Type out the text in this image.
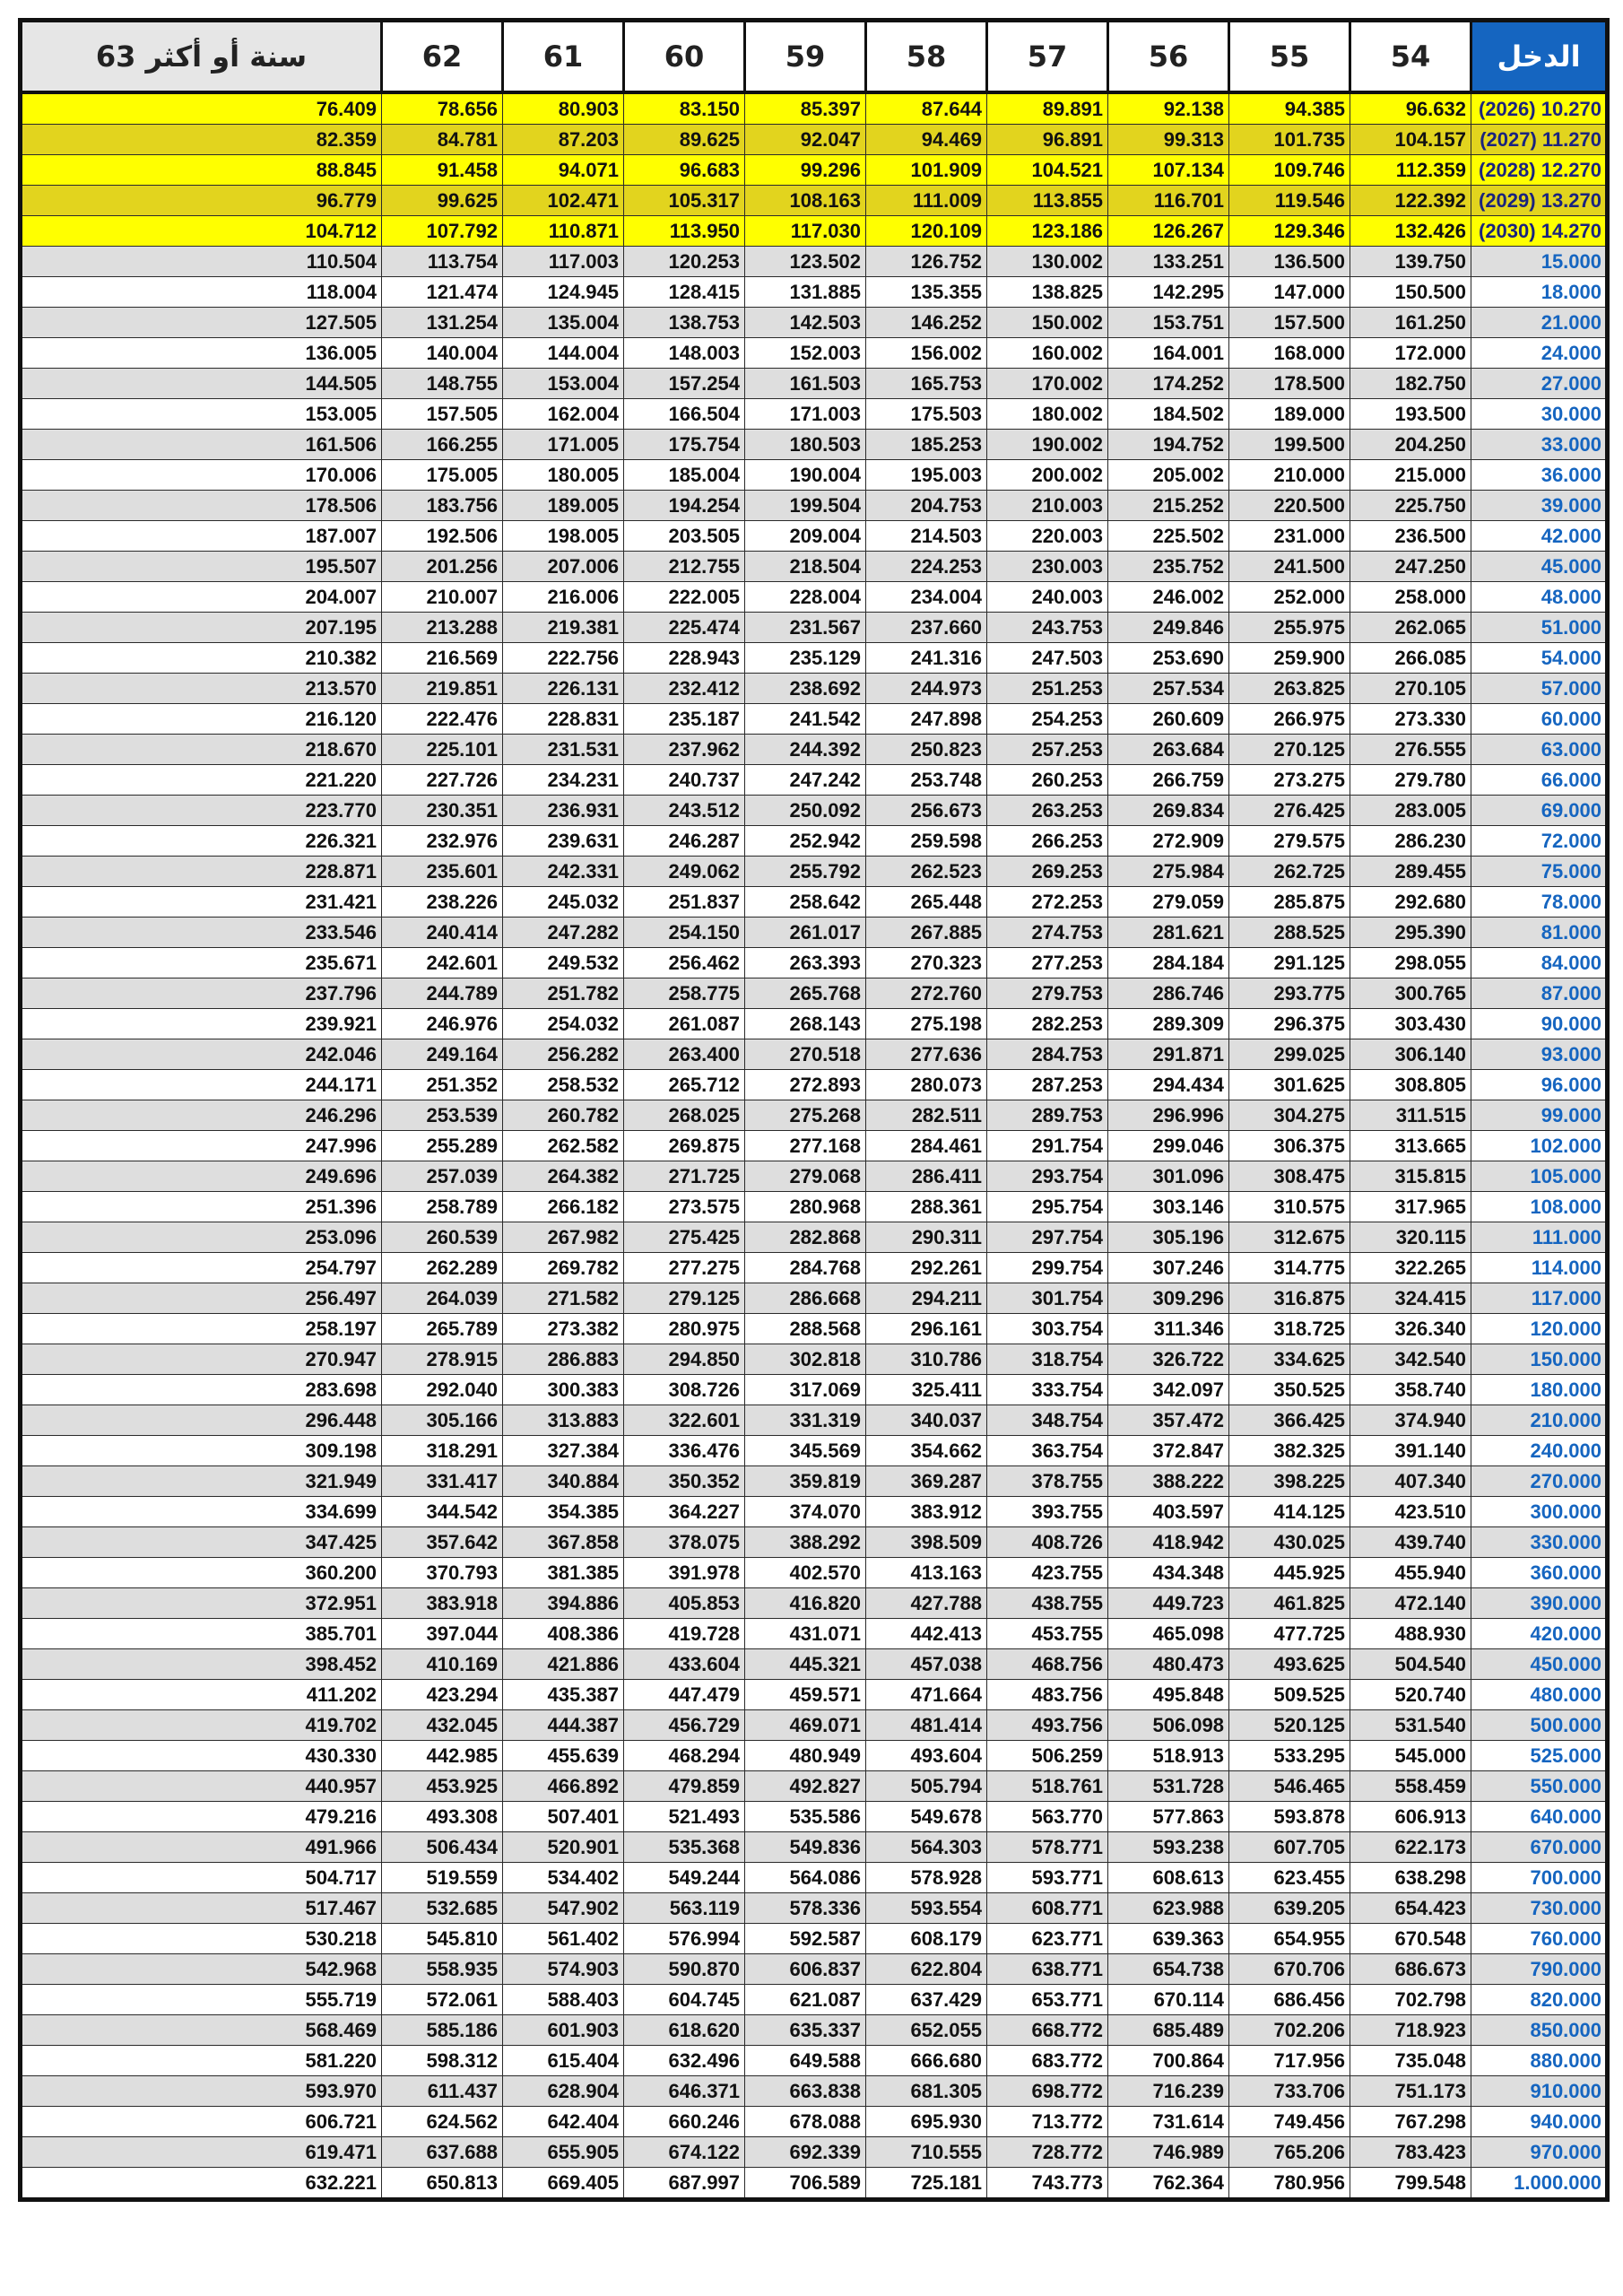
63 سنة أو أكثر	62	61	60	59	58	57	56	55	54	الدخل
76.409	78.656	80.903	83.150	85.397	87.644	89.891	92.138	94.385	96.632	(2026) 10.270
82.359	84.781	87.203	89.625	92.047	94.469	96.891	99.313	101.735	104.157	(2027) 11.270
88.845	91.458	94.071	96.683	99.296	101.909	104.521	107.134	109.746	112.359	(2028) 12.270
96.779	99.625	102.471	105.317	108.163	111.009	113.855	116.701	119.546	122.392	(2029) 13.270
104.712	107.792	110.871	113.950	117.030	120.109	123.186	126.267	129.346	132.426	(2030) 14.270
110.504	113.754	117.003	120.253	123.502	126.752	130.002	133.251	136.500	139.750	15.000
118.004	121.474	124.945	128.415	131.885	135.355	138.825	142.295	147.000	150.500	18.000
127.505	131.254	135.004	138.753	142.503	146.252	150.002	153.751	157.500	161.250	21.000
136.005	140.004	144.004	148.003	152.003	156.002	160.002	164.001	168.000	172.000	24.000
144.505	148.755	153.004	157.254	161.503	165.753	170.002	174.252	178.500	182.750	27.000
153.005	157.505	162.004	166.504	171.003	175.503	180.002	184.502	189.000	193.500	30.000
161.506	166.255	171.005	175.754	180.503	185.253	190.002	194.752	199.500	204.250	33.000
170.006	175.005	180.005	185.004	190.004	195.003	200.002	205.002	210.000	215.000	36.000
178.506	183.756	189.005	194.254	199.504	204.753	210.003	215.252	220.500	225.750	39.000
187.007	192.506	198.005	203.505	209.004	214.503	220.003	225.502	231.000	236.500	42.000
195.507	201.256	207.006	212.755	218.504	224.253	230.003	235.752	241.500	247.250	45.000
204.007	210.007	216.006	222.005	228.004	234.004	240.003	246.002	252.000	258.000	48.000
207.195	213.288	219.381	225.474	231.567	237.660	243.753	249.846	255.975	262.065	51.000
210.382	216.569	222.756	228.943	235.129	241.316	247.503	253.690	259.900	266.085	54.000
213.570	219.851	226.131	232.412	238.692	244.973	251.253	257.534	263.825	270.105	57.000
216.120	222.476	228.831	235.187	241.542	247.898	254.253	260.609	266.975	273.330	60.000
218.670	225.101	231.531	237.962	244.392	250.823	257.253	263.684	270.125	276.555	63.000
221.220	227.726	234.231	240.737	247.242	253.748	260.253	266.759	273.275	279.780	66.000
223.770	230.351	236.931	243.512	250.092	256.673	263.253	269.834	276.425	283.005	69.000
226.321	232.976	239.631	246.287	252.942	259.598	266.253	272.909	279.575	286.230	72.000
228.871	235.601	242.331	249.062	255.792	262.523	269.253	275.984	262.725	289.455	75.000
231.421	238.226	245.032	251.837	258.642	265.448	272.253	279.059	285.875	292.680	78.000
233.546	240.414	247.282	254.150	261.017	267.885	274.753	281.621	288.525	295.390	81.000
235.671	242.601	249.532	256.462	263.393	270.323	277.253	284.184	291.125	298.055	84.000
237.796	244.789	251.782	258.775	265.768	272.760	279.753	286.746	293.775	300.765	87.000
239.921	246.976	254.032	261.087	268.143	275.198	282.253	289.309	296.375	303.430	90.000
242.046	249.164	256.282	263.400	270.518	277.636	284.753	291.871	299.025	306.140	93.000
244.171	251.352	258.532	265.712	272.893	280.073	287.253	294.434	301.625	308.805	96.000
246.296	253.539	260.782	268.025	275.268	282.511	289.753	296.996	304.275	311.515	99.000
247.996	255.289	262.582	269.875	277.168	284.461	291.754	299.046	306.375	313.665	102.000
249.696	257.039	264.382	271.725	279.068	286.411	293.754	301.096	308.475	315.815	105.000
251.396	258.789	266.182	273.575	280.968	288.361	295.754	303.146	310.575	317.965	108.000
253.096	260.539	267.982	275.425	282.868	290.311	297.754	305.196	312.675	320.115	111.000
254.797	262.289	269.782	277.275	284.768	292.261	299.754	307.246	314.775	322.265	114.000
256.497	264.039	271.582	279.125	286.668	294.211	301.754	309.296	316.875	324.415	117.000
258.197	265.789	273.382	280.975	288.568	296.161	303.754	311.346	318.725	326.340	120.000
270.947	278.915	286.883	294.850	302.818	310.786	318.754	326.722	334.625	342.540	150.000
283.698	292.040	300.383	308.726	317.069	325.411	333.754	342.097	350.525	358.740	180.000
296.448	305.166	313.883	322.601	331.319	340.037	348.754	357.472	366.425	374.940	210.000
309.198	318.291	327.384	336.476	345.569	354.662	363.754	372.847	382.325	391.140	240.000
321.949	331.417	340.884	350.352	359.819	369.287	378.755	388.222	398.225	407.340	270.000
334.699	344.542	354.385	364.227	374.070	383.912	393.755	403.597	414.125	423.510	300.000
347.425	357.642	367.858	378.075	388.292	398.509	408.726	418.942	430.025	439.740	330.000
360.200	370.793	381.385	391.978	402.570	413.163	423.755	434.348	445.925	455.940	360.000
372.951	383.918	394.886	405.853	416.820	427.788	438.755	449.723	461.825	472.140	390.000
385.701	397.044	408.386	419.728	431.071	442.413	453.755	465.098	477.725	488.930	420.000
398.452	410.169	421.886	433.604	445.321	457.038	468.756	480.473	493.625	504.540	450.000
411.202	423.294	435.387	447.479	459.571	471.664	483.756	495.848	509.525	520.740	480.000
419.702	432.045	444.387	456.729	469.071	481.414	493.756	506.098	520.125	531.540	500.000
430.330	442.985	455.639	468.294	480.949	493.604	506.259	518.913	533.295	545.000	525.000
440.957	453.925	466.892	479.859	492.827	505.794	518.761	531.728	546.465	558.459	550.000
479.216	493.308	507.401	521.493	535.586	549.678	563.770	577.863	593.878	606.913	640.000
491.966	506.434	520.901	535.368	549.836	564.303	578.771	593.238	607.705	622.173	670.000
504.717	519.559	534.402	549.244	564.086	578.928	593.771	608.613	623.455	638.298	700.000
517.467	532.685	547.902	563.119	578.336	593.554	608.771	623.988	639.205	654.423	730.000
530.218	545.810	561.402	576.994	592.587	608.179	623.771	639.363	654.955	670.548	760.000
542.968	558.935	574.903	590.870	606.837	622.804	638.771	654.738	670.706	686.673	790.000
555.719	572.061	588.403	604.745	621.087	637.429	653.771	670.114	686.456	702.798	820.000
568.469	585.186	601.903	618.620	635.337	652.055	668.772	685.489	702.206	718.923	850.000
581.220	598.312	615.404	632.496	649.588	666.680	683.772	700.864	717.956	735.048	880.000
593.970	611.437	628.904	646.371	663.838	681.305	698.772	716.239	733.706	751.173	910.000
606.721	624.562	642.404	660.246	678.088	695.930	713.772	731.614	749.456	767.298	940.000
619.471	637.688	655.905	674.122	692.339	710.555	728.772	746.989	765.206	783.423	970.000
632.221	650.813	669.405	687.997	706.589	725.181	743.773	762.364	780.956	799.548	1.000.000
